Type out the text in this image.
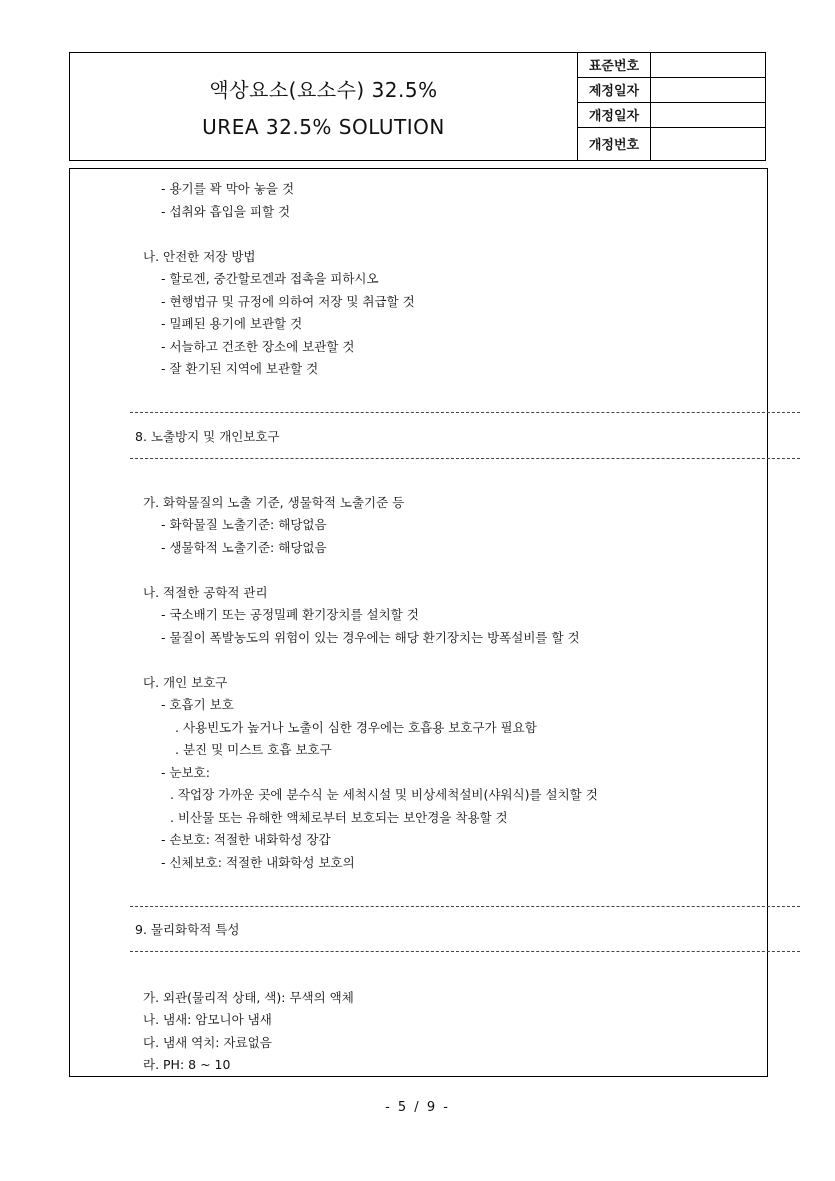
액상요소(요소수) 32.5%
UREA 32.5% SOLUTION
표준번호
제정일자
개정일자
개정번호
- 용기를 꽉 막아 놓을 것
- 섭취와 흡입을 피할 것
나. 안전한 저장 방법
- 할로겐, 중간할로겐과 접촉을 피하시오
- 현행법규 및 규정에 의하여 저장 및 취급할 것
- 밀폐된 용기에 보관할 것
- 서늘하고 건조한 장소에 보관할 것
- 잘 환기된 지역에 보관할 것
8. 노출방지 및 개인보호구
가. 화학물질의 노출 기준, 생물학적 노출기준 등
- 화학물질 노출기준: 해당없음
- 생물학적 노출기준: 해당없음
나. 적절한 공학적 관리
- 국소배기 또는 공정밀폐 환기장치를 설치할 것
- 물질이 폭발농도의 위험이 있는 경우에는 해당 환기장치는 방폭설비를 할 것
다. 개인 보호구
- 호흡기 보호
. 사용빈도가 높거나 노출이 심한 경우에는 호흡용 보호구가 필요함
. 분진 및 미스트 호흡 보호구
- 눈보호:
. 작업장 가까운 곳에 분수식 눈 세척시설 및 비상세척설비(샤워식)를 설치할 것
. 비산물 또는 유해한 액체로부터 보호되는 보안경을 착용할 것
- 손보호: 적절한 내화학성 장갑
- 신체보호: 적절한 내화학성 보호의
9. 물리화학적 특성
가. 외관(물리적 상태, 색): 무색의 액체
나. 냄새: 암모니아 냄새
다. 냄새 역치: 자료없음
라. PH: 8 ~ 10
- 5 / 9 -
